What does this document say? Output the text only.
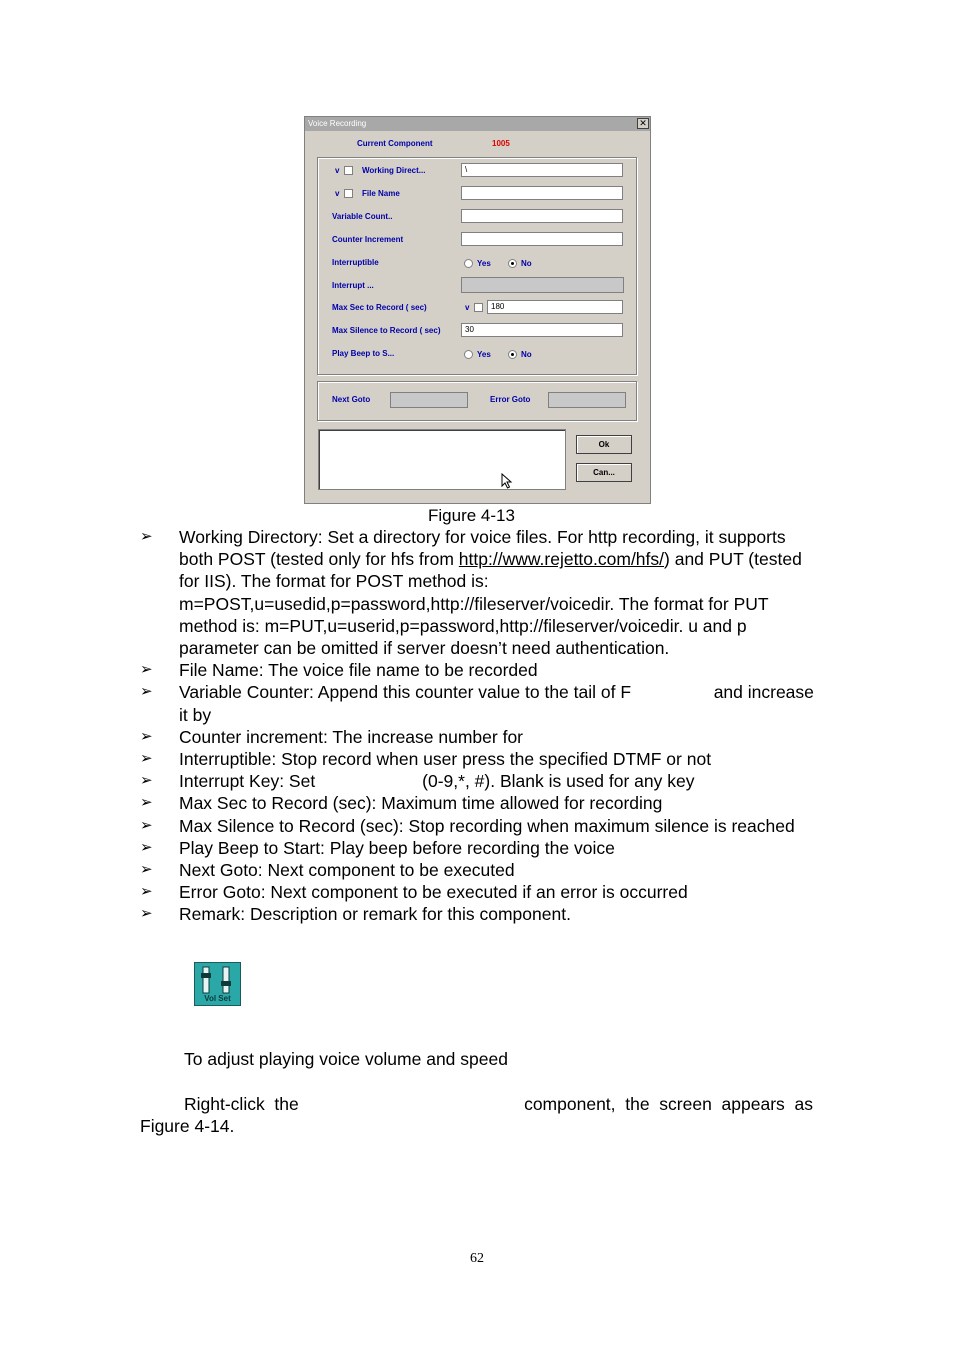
Voice Recording	✕
Current Component	1005
v	Working Direct...	\
v	File Name
Variable Count..
Counter Increment
Interruptible	Yes	No
Interrupt ...
Max Sec to Record ( sec)	v	180
Max Silence to Record ( sec)	30
Play Beep to S...	Yes	No
Next Goto	Error Goto
Ok
Can...
Figure 4-13
➢ Working Directory: Set a directory for voice files. For http recording, it supports both POST (tested only for hfs from http://www.rejetto.com/hfs/) and PUT (tested for IIS). The format for POST method is: m=POST,u=usedid,p=password,http://fileserver/voicedir. The format for PUT method is: m=PUT,u=userid,p=password,http://fileserver/voicedir. u and p parameter can be omitted if server doesn’t need authentication.
➢ File Name: The voice file name to be recorded
➢ Variable Counter: Append this counter value to the tail of F                 and increase it by
➢ Counter increment: The increase number for
➢ Interruptible: Stop record when user press the specified DTMF or not
➢ Interrupt Key: Set                      (0-9,*, #). Blank is used for any key
➢ Max Sec to Record (sec): Maximum time allowed for recording
➢ Max Silence to Record (sec): Stop recording when maximum silence is reached
➢ Play Beep to Start: Play beep before recording the voice
➢ Next Goto: Next component to be executed
➢ Error Goto: Next component to be executed if an error is occurred
➢ Remark: Description or remark for this component.
Vol Set
To adjust playing voice volume and speed
Right-click  the	component,  the  screen  appears  as
Figure 4-14.
62
